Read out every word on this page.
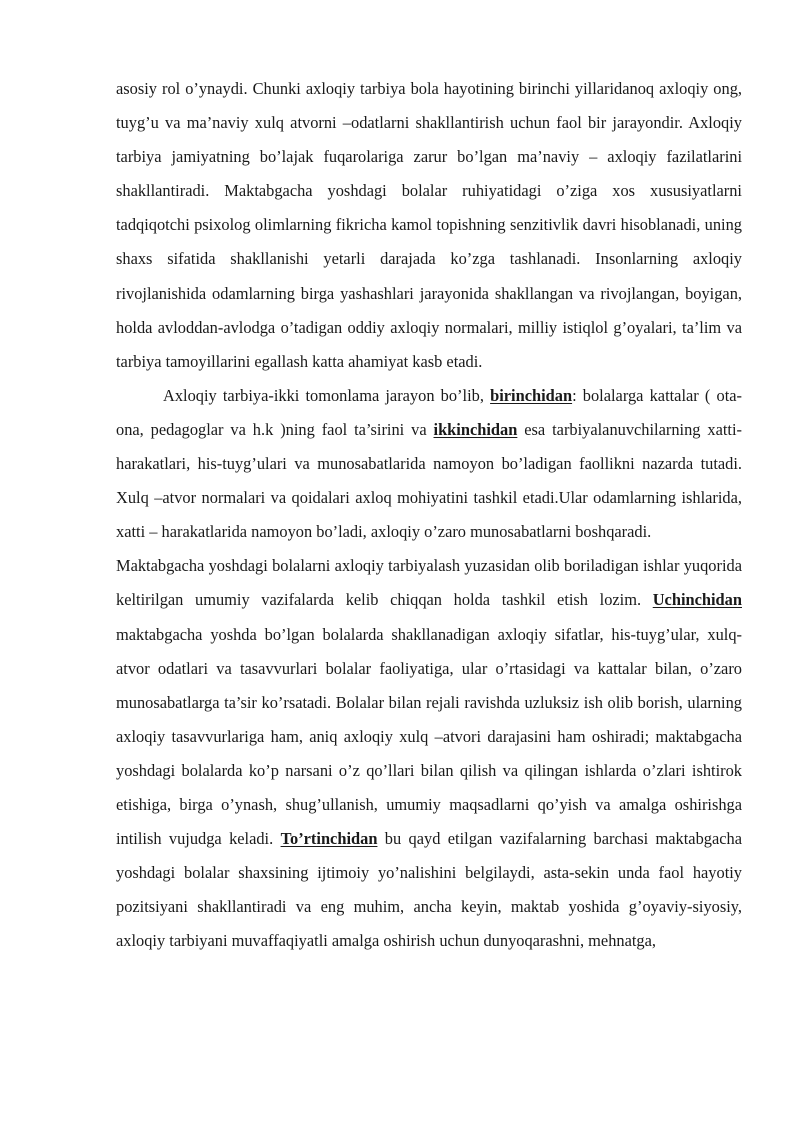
asosiy rol o’ynaydi. Chunki axloqiy tarbiya bola hayotining birinchi yillaridanoq axloqiy ong, tuyg’u va ma’naviy xulq atvorni –odatlarni shakllantirish uchun faol bir jarayondir. Axloqiy tarbiya jamiyatning bo’lajak fuqarolariga zarur bo’lgan ma’naviy – axloqiy fazilatlarini shakllantiradi. Maktabgacha yoshdagi bolalar ruhiyatidagi o’ziga xos xususiyatlarni tadqiqotchi psixolog olimlarning fikricha kamol topishning senzitivlik davri hisoblanadi, uning shaxs sifatida shakllanishi yetarli darajada ko’zga tashlanadi. Insonlarning axloqiy rivojlanishida odamlarning birga yashashlari jarayonida shakllangan va rivojlangan, boyigan, holda avloddan-avlodga o’tadigan oddiy axloqiy normalari, milliy istiqlol g’oyalari, ta’lim va tarbiya tamoyillarini egallash katta ahamiyat kasb etadi.

Axloqiy tarbiya-ikki tomonlama jarayon bo’lib, birinchidan: bolalarga kattalar ( ota-ona, pedagoglar va h.k )ning faol ta’sirini va ikkinchidan esa tarbiyalanuvchilarning xatti-harakatlari, his-tuyg’ulari va munosabatlarida namoyon bo’ladigan faollikni nazarda tutadi. Xulq –atvor normalari va qoidalari axloq mohiyatini tashkil etadi.Ular odamlarning ishlarida, xatti – harakatlarida namoyon bo’ladi, axloqiy o’zaro munosabatlarni boshqaradi.

Maktabgacha yoshdagi bolalarni axloqiy tarbiyalash yuzasidan olib boriladigan ishlar yuqorida keltirilgan umumiy vazifalarda kelib chiqqan holda tashkil etish lozim. Uchinchidan maktabgacha yoshda bo’lgan bolalarda shakllanadigan axloqiy sifatlar, his-tuyg’ular, xulq-atvor odatlari va tasavvurlari bolalar faoliyatiga, ular o’rtasidagi va kattalar bilan, o’zaro munosabatlarga ta’sir ko’rsatadi. Bolalar bilan rejali ravishda uzluksiz ish olib borish, ularning axloqiy tasavvurlariga ham, aniq axloqiy xulq –atvori darajasini ham oshiradi; maktabgacha yoshdagi bolalarda ko’p narsani o’z qo’llari bilan qilish va qilingan ishlarda o’zlari ishtirok etishiga, birga o’ynash, shug’ullanish, umumiy maqsadlarni qo’yish va amalga oshirishga intilish vujudga keladi. To’rtinchidan bu qayd etilgan vazifalarning barchasi maktabgacha yoshdagi bolalar shaxsining ijtimoiy yo’nalishini belgilaydi, asta-sekin unda faol hayotiy pozitsiyani shakllantiradi va eng muhim, ancha keyin, maktab yoshida g’oyaviy-siyosiy, axloqiy tarbiyani muvaffaqiyatli amalga oshirish uchun dunyoqarashni, mehnatga,
